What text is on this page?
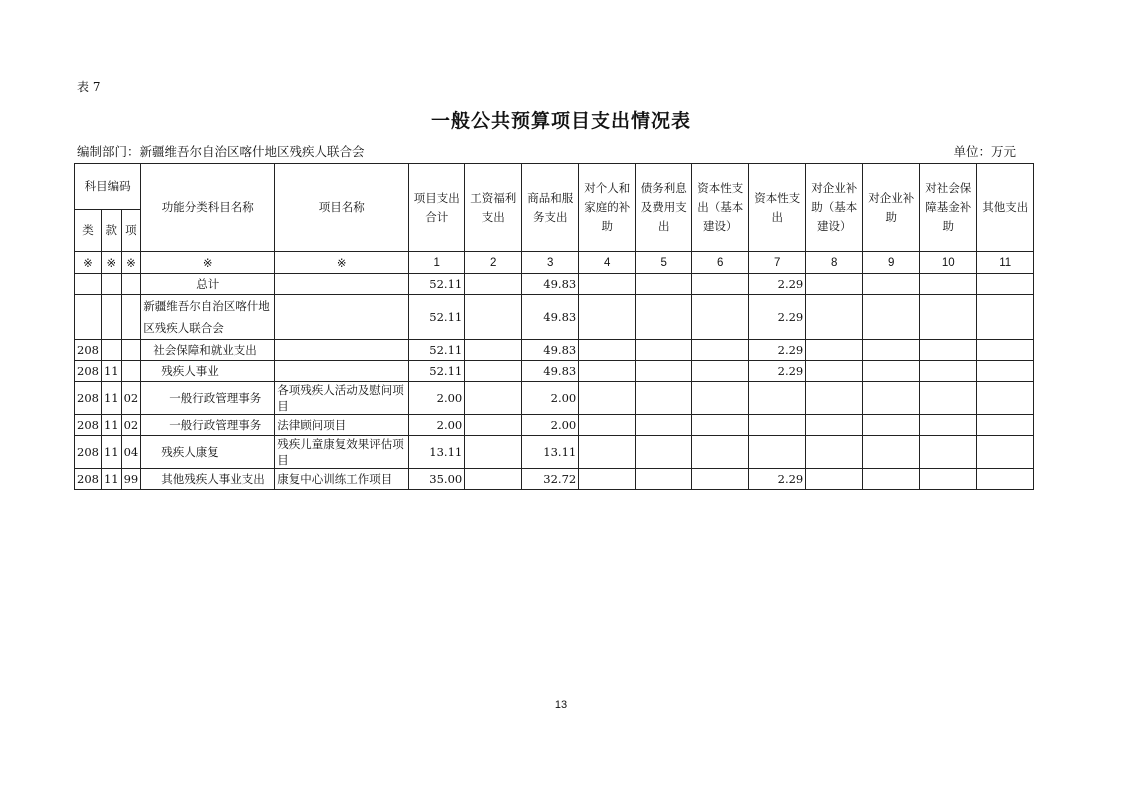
表 7
一般公共预算项目支出情况表
编制部门：新疆维吾尔自治区喀什地区残疾人联合会	单位：万元
科目编码			功能分类科目名称	项目名称	项目支出合计	工资福利支出	商品和服务支出	对个人和家庭的补助	债务利息及费用支出	资本性支出（基本建设）	资本性支出	对企业补助（基本建设）	对企业补助	对社会保障基金补助	其他支出
类	款	项													
※	※	※	※	※	1	2	3	4	5	6	7	8	9	10	11
			总计		52.11		49.83				2.29				
			新疆维吾尔自治区喀什地区残疾人联合会		52.11		49.83				2.29				
208			社会保障和就业支出		52.11		49.83				2.29				
208	11		残疾人事业		52.11		49.83				2.29				
208	11	02	一般行政管理事务	各项残疾人活动及慰问项目	2.00		2.00								
208	11	02	一般行政管理事务	法律顾问项目	2.00		2.00								
208	11	04	残疾人康复	残疾儿童康复效果评估项目	13.11		13.11								
208	11	99	其他残疾人事业支出	康复中心训练工作项目	35.00		32.72				2.29				
13
